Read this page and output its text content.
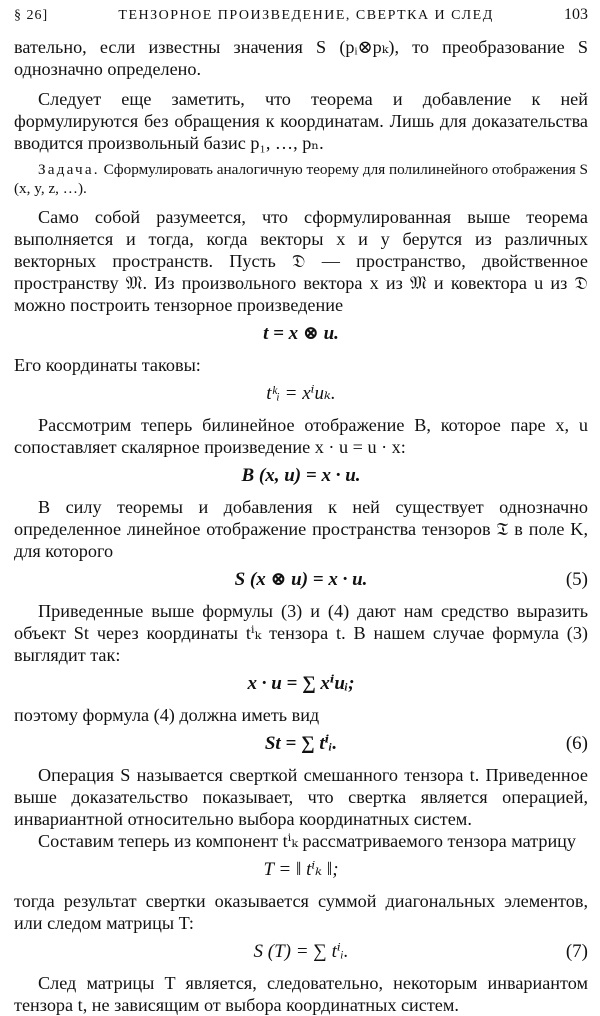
§ 26]	ТЕНЗОРНОЕ ПРОИЗВЕДЕНИЕ, СВЕРТКА И СЛЕД	103

вательно, если известны значения S (pᵢ⊗pₖ), то преобразование S однозначно определено.

Следует еще заметить, что теорема и добавление к ней формулируются без обращения к координатам. Лишь для доказательства вводится произвольный базис p₁, …, pₙ.

Задача. Сформулировать аналогичную теорему для полилинейного отображения S (x, y, z, …).

Само собой разумеется, что сформулированная выше теорема выполняется и тогда, когда векторы x и y берутся из различных векторных пространств. Пусть 𝔇 — пространство, двойственное пространству 𝔐. Из произвольного вектора x из 𝔐 и ковектора u из 𝔇 можно построить тензорное произведение

t = x ⊗ u.

Его координаты таковы:

tᵏᵢ = xⁱuₖ.

Рассмотрим теперь билинейное отображение B, которое паре x, u сопоставляет скалярное произведение x · u = u · x:

B (x, u) = x · u.

В силу теоремы и добавления к ней существует однозначно определенное линейное отображение пространства тензоров 𝔗 в поле K, для которого

S (x ⊗ u) = x · u.	(5)

Приведенные выше формулы (3) и (4) дают нам средство выразить объект St через координаты tⁱₖ тензора t. В нашем случае формула (3) выглядит так:

x · u = ∑ xⁱuᵢ;

поэтому формула (4) должна иметь вид

St = ∑ tⁱᵢ.	(6)

Операция S называется сверткой смешанного тензора t. Приведенное выше доказательство показывает, что свертка является операцией, инвариантной относительно выбора координатных систем.

Составим теперь из компонент tⁱₖ рассматриваемого тензора матрицу

T = ‖ tⁱₖ ‖;

тогда результат свертки оказывается суммой диагональных элементов, или следом матрицы T:

S (T) = ∑ tⁱᵢ.	(7)

След матрицы T является, следовательно, некоторым инвариантом тензора t, не зависящим от выбора координатных систем.
